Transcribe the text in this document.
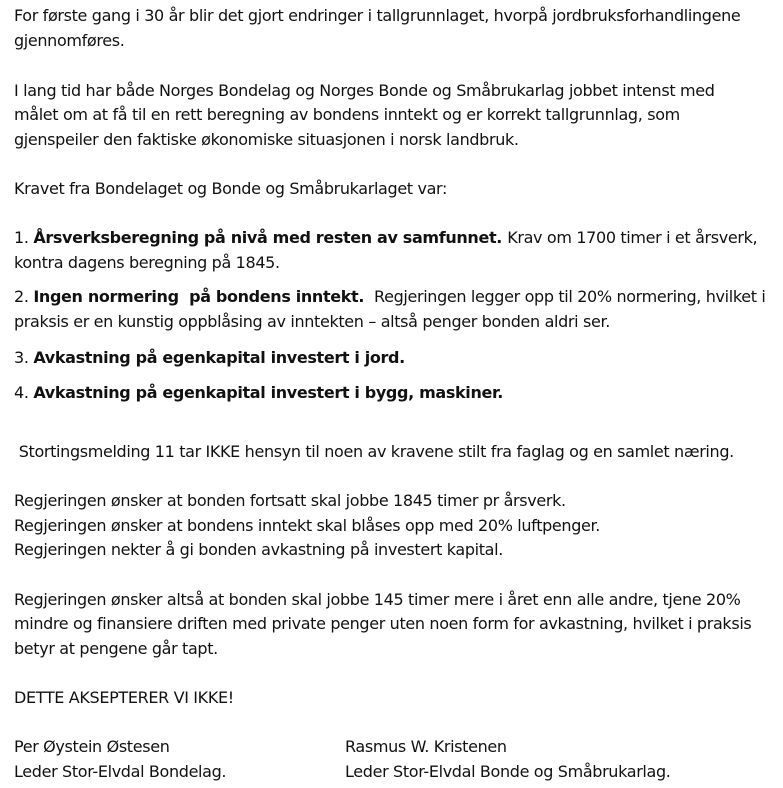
For første gang i 30 år blir det gjort endringer i tallgrunnlaget, hvorpå jordbruksforhandlingene
gjennomføres.
I lang tid har både Norges Bondelag og Norges Bonde og Småbrukarlag jobbet intenst med
målet om at få til en rett beregning av bondens inntekt og er korrekt tallgrunnlag, som
gjenspeiler den faktiske økonomiske situasjonen i norsk landbruk.
Kravet fra Bondelaget og Bonde og Småbrukarlaget var:
1. Årsverksberegning på nivå med resten av samfunnet. Krav om 1700 timer i et årsverk,
kontra dagens beregning på 1845.
2. Ingen normering  på bondens inntekt.  Regjeringen legger opp til 20% normering, hvilket i
praksis er en kunstig oppblåsing av inntekten – altså penger bonden aldri ser.
3. Avkastning på egenkapital investert i jord.
4. Avkastning på egenkapital investert i bygg, maskiner.
Stortingsmelding 11 tar IKKE hensyn til noen av kravene stilt fra faglag og en samlet næring.
Regjeringen ønsker at bonden fortsatt skal jobbe 1845 timer pr årsverk.
Regjeringen ønsker at bondens inntekt skal blåses opp med 20% luftpenger.
Regjeringen nekter å gi bonden avkastning på investert kapital.
Regjeringen ønsker altså at bonden skal jobbe 145 timer mere i året enn alle andre, tjene 20%
mindre og finansiere driften med private penger uten noen form for avkastning, hvilket i praksis
betyr at pengene går tapt.
DETTE AKSEPTERER VI IKKE!
Per Øystein Østesen
Leder Stor-Elvdal Bondelag.
Rasmus W. Kristenen
Leder Stor-Elvdal Bonde og Småbrukarlag.
